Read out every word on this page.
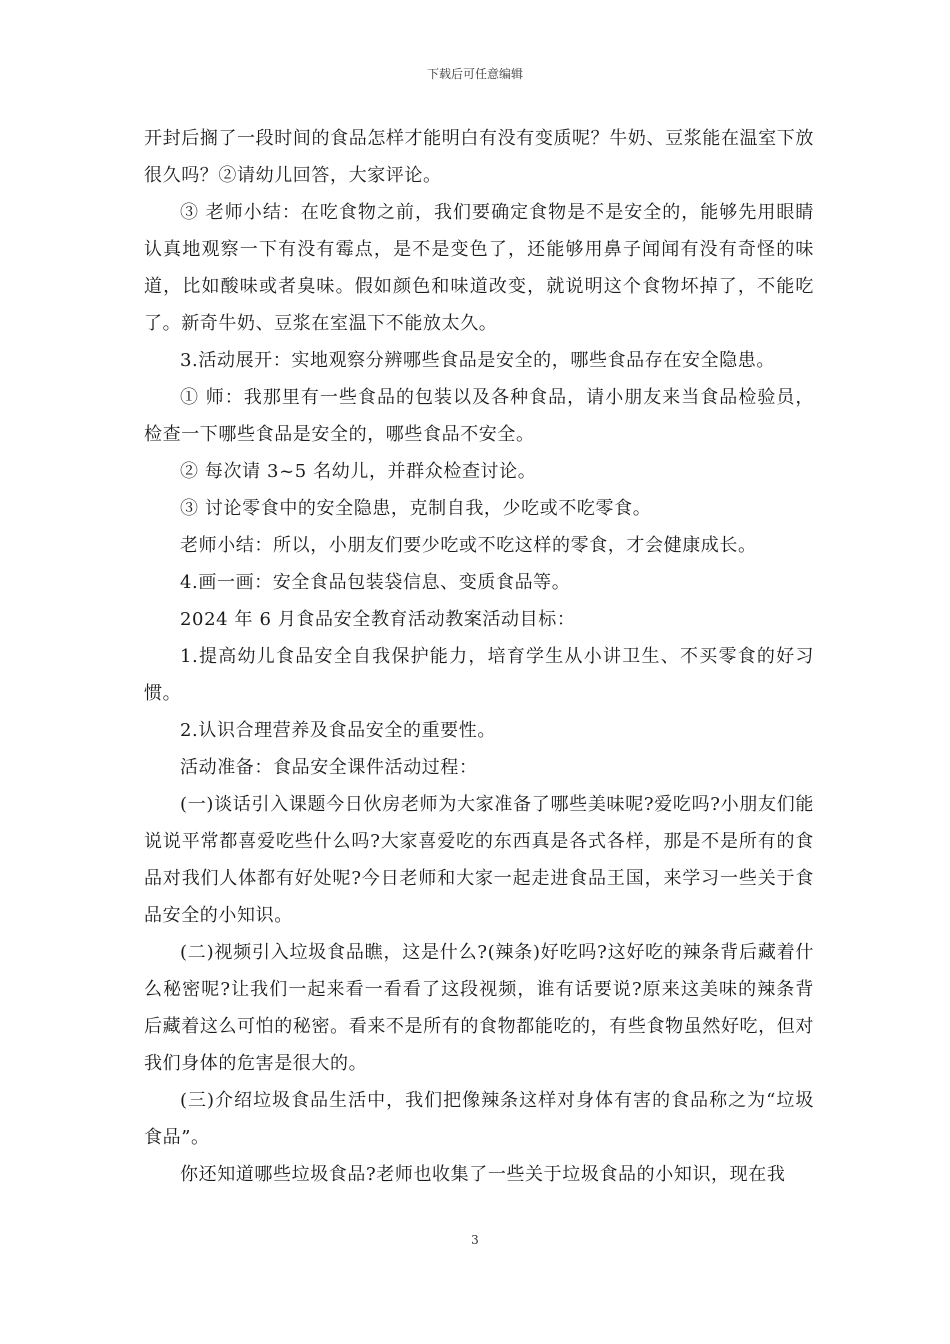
下载后可任意编辑

开封后搁了一段时间的食品怎样才能明白有没有变质呢？牛奶、豆浆能在温室下放很久吗？②请幼儿回答，大家评论。

③ 老师小结：在吃食物之前，我们要确定食物是不是安全的，能够先用眼睛认真地观察一下有没有霉点，是不是变色了，还能够用鼻子闻闻有没有奇怪的味道，比如酸味或者臭味。假如颜色和味道改变，就说明这个食物坏掉了，不能吃了。新奇牛奶、豆浆在室温下不能放太久。

3.活动展开：实地观察分辨哪些食品是安全的，哪些食品存在安全隐患。

① 师：我那里有一些食品的包装以及各种食品，请小朋友来当食品检验员，检查一下哪些食品是安全的，哪些食品不安全。

② 每次请 3~5 名幼儿，并群众检查讨论。

③ 讨论零食中的安全隐患，克制自我，少吃或不吃零食。

老师小结：所以，小朋友们要少吃或不吃这样的零食，才会健康成长。

4.画一画：安全食品包装袋信息、变质食品等。

2024 年 6 月食品安全教育活动教案活动目标：

1.提高幼儿食品安全自我保护能力，培育学生从小讲卫生、不买零食的好习惯。

2.认识合理营养及食品安全的重要性。

活动准备：食品安全课件活动过程：

(一)谈话引入课题今日伙房老师为大家准备了哪些美味呢?爱吃吗?小朋友们能说说平常都喜爱吃些什么吗?大家喜爱吃的东西真是各式各样，那是不是所有的食品对我们人体都有好处呢?今日老师和大家一起走进食品王国，来学习一些关于食品安全的小知识。

(二)视频引入垃圾食品瞧，这是什么?(辣条)好吃吗?这好吃的辣条背后藏着什么秘密呢?让我们一起来看一看看了这段视频，谁有话要说?原来这美味的辣条背后藏着这么可怕的秘密。看来不是所有的食物都能吃的，有些食物虽然好吃，但对我们身体的危害是很大的。

(三)介绍垃圾食品生活中，我们把像辣条这样对身体有害的食品称之为“垃圾食品”。

你还知道哪些垃圾食品?老师也收集了一些关于垃圾食品的小知识，现在我

3
